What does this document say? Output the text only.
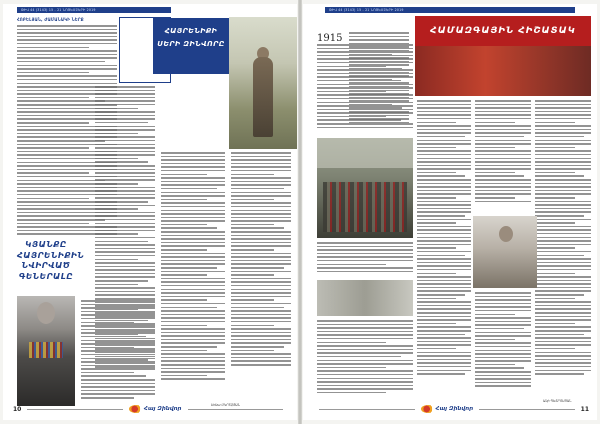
ԹԻՎ 44 (3143) 15 - 21 ՆՈՅԵՄԲԵՐԻ 2019
ՀՈԲԵԼՅԱՆ, ԺԱՄԱՆԱԿԻ ՆԵՐՔ
ՀԱՅՐԵՆԻՔԻ
ՍԵՐԻ ԶԻՆՎՈՐԸ
ԿՅԱՆՔԸ
ՀԱՅՐԵՆԻՔԻՆ
ՆՎԻՐՎԱԾ
ԳԵՆԵՐԱԼԸ
Սոնա ՄԿՐՏՉՅԱՆ
10	Հայ Զինվոր
ԹԻՎ 44 (3143) 15 - 21 ՆՈՅԵՄԲԵՐԻ 2019
1915
ՀԱՄԱԶԳԱՅԻՆ ՀԻՇԱՏԱԿ
Անի ՊԵՏՐՈՍՅԱՆ
Հայ Զինվոր	11
